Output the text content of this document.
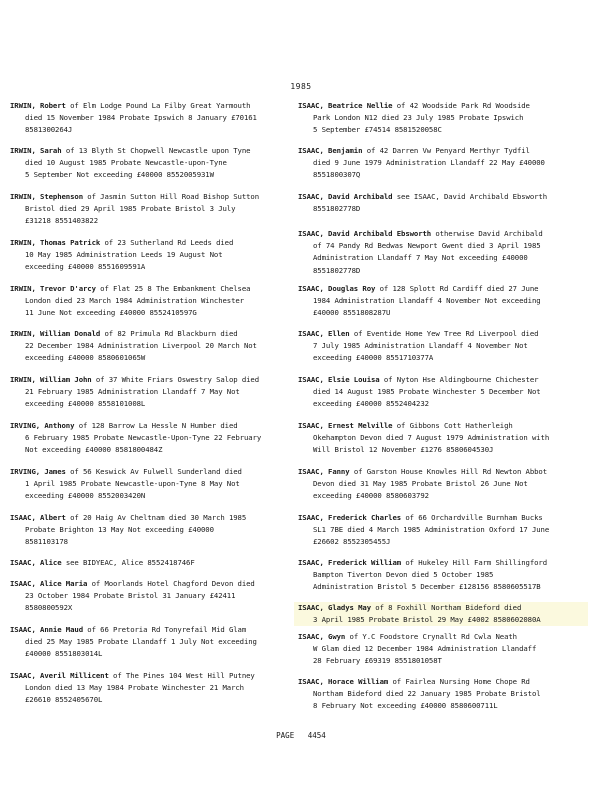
1985
IRWIN, Robert of Elm Lodge Pound La Filby Great Yarmouth
died 15 November 1984 Probate Ipswich 8 January £70161
8581300264J
IRWIN, Sarah of 13 Blyth St Chopwell Newcastle upon Tyne
died 10 August 1985 Probate Newcastle-upon-Tyne
5 September Not exceeding £40000 8552005931W
IRWIN, Stephenson of Jasmin Sutton Hill Road Bishop Sutton
Bristol died 29 April 1985 Probate Bristol 3 July
£31218 8551403822
IRWIN, Thomas Patrick of 23 Sutherland Rd Leeds died
10 May 1985 Administration Leeds 19 August Not
exceeding £40000 8551609591A
IRWIN, Trevor D'arcy of Flat 25 8 The Embankment Chelsea
London died 23 March 1984 Administration Winchester
11 June Not exceeding £40000 8552410597G
IRWIN, William Donald of 82 Primula Rd Blackburn died
22 December 1984 Administration Liverpool 20 March Not
exceeding £40000 8580601065W
IRWIN, William John of 37 White Friars Oswestry Salop died
21 February 1985 Administration Llandaff 7 May Not
exceeding £40000 8558101008L
IRVING, Anthony of 128 Barrow La Hessle N Humber died
6 February 1985 Probate Newcastle-Upon-Tyne 22 February
Not exceeding £40000 8581800484Z
IRVING, James of 56 Keswick Av Fulwell Sunderland died
1 April 1985 Probate Newcastle-upon-Tyne 8 May Not
exceeding £40000 8552003420N
ISAAC, Albert of 20 Haig Av Cheltnam died 30 March 1985
Probate Brighton 13 May Not exceeding £40000
8581103178
ISAAC, Alice see BIDYEAC, Alice 8552418746F
ISAAC, Alice Maria of Moorlands Hotel Chagford Devon died
23 October 1984 Probate Bristol 31 January £42411
8580800592X
ISAAC, Annie Maud of 66 Pretoria Rd Tonyrefail Mid Glam
died 25 May 1985 Probate Llandaff 1 July Not exceeding
£40000 8551803014L
ISAAC, Averil Millicent of The Pines 104 West Hill Putney
London died 13 May 1984 Probate Winchester 21 March
£26610 8552405670L
ISAAC, Beatrice Nellie of 42 Woodside Park Rd Woodside
Park London N12 died 23 July 1985 Probate Ipswich
5 September £74514 8581520058C
ISAAC, Benjamin of 42 Darren Vw Penyard Merthyr Tydfil
died 9 June 1979 Administration Llandaff 22 May £40000
8551800307Q
ISAAC, David Archibald see ISAAC, David Archibald Ebsworth
8551802778D
ISAAC, David Archibald Ebsworth otherwise David Archibald
of 74 Pandy Rd Bedwas Newport Gwent died 3 April 1985
Administration Llandaff 7 May Not exceeding £40000
8551802778D
ISAAC, Douglas Roy of 128 Splott Rd Cardiff died 27 June
1984 Administration Llandaff 4 November Not exceeding
£40000 8551808287U
ISAAC, Ellen of Eventide Home Yew Tree Rd Liverpool died
7 July 1985 Administration Llandaff 4 November Not
exceeding £40000 8551710377A
ISAAC, Elsie Louisa of Nyton Hse Aldingbourne Chichester
died 14 August 1985 Probate Winchester 5 December Not
exceeding £40000 8552404232
ISAAC, Ernest Melville of Gibbons Cott Hatherleigh
Okehampton Devon died 7 August 1979 Administration with
Will Bristol 12 November £1276 8580604530J
ISAAC, Fanny of Garston House Knowles Hill Rd Newton Abbot
Devon died 31 May 1985 Probate Bristol 26 June Not
exceeding £40000 8580603792
ISAAC, Frederick Charles of 66 Orchardville Burnham Bucks
SL1 7BE died 4 March 1985 Administration Oxford 17 June
£26602 8552305455J
ISAAC, Frederick William of Hukeley Hill Farm Shillingford
Bampton Tiverton Devon died 5 October 1985
Administration Bristol 5 December £128156 8580605517B
ISAAC, Gladys May of 8 Foxhill Northam Bideford died
3 April 1985 Probate Bristol 29 May £4002 8580602080A
ISAAC, Gwyn of Y.C Foodstore Crynallt Rd Cwla Neath
W Glam died 12 December 1984 Administration Llandaff
28 February £69319 8551801058T
ISAAC, Horace William of Fairlea Nursing Home Chope Rd
Northam Bideford died 22 January 1985 Probate Bristol
8 February Not exceeding £40000 8580600711L
PAGE 4454
